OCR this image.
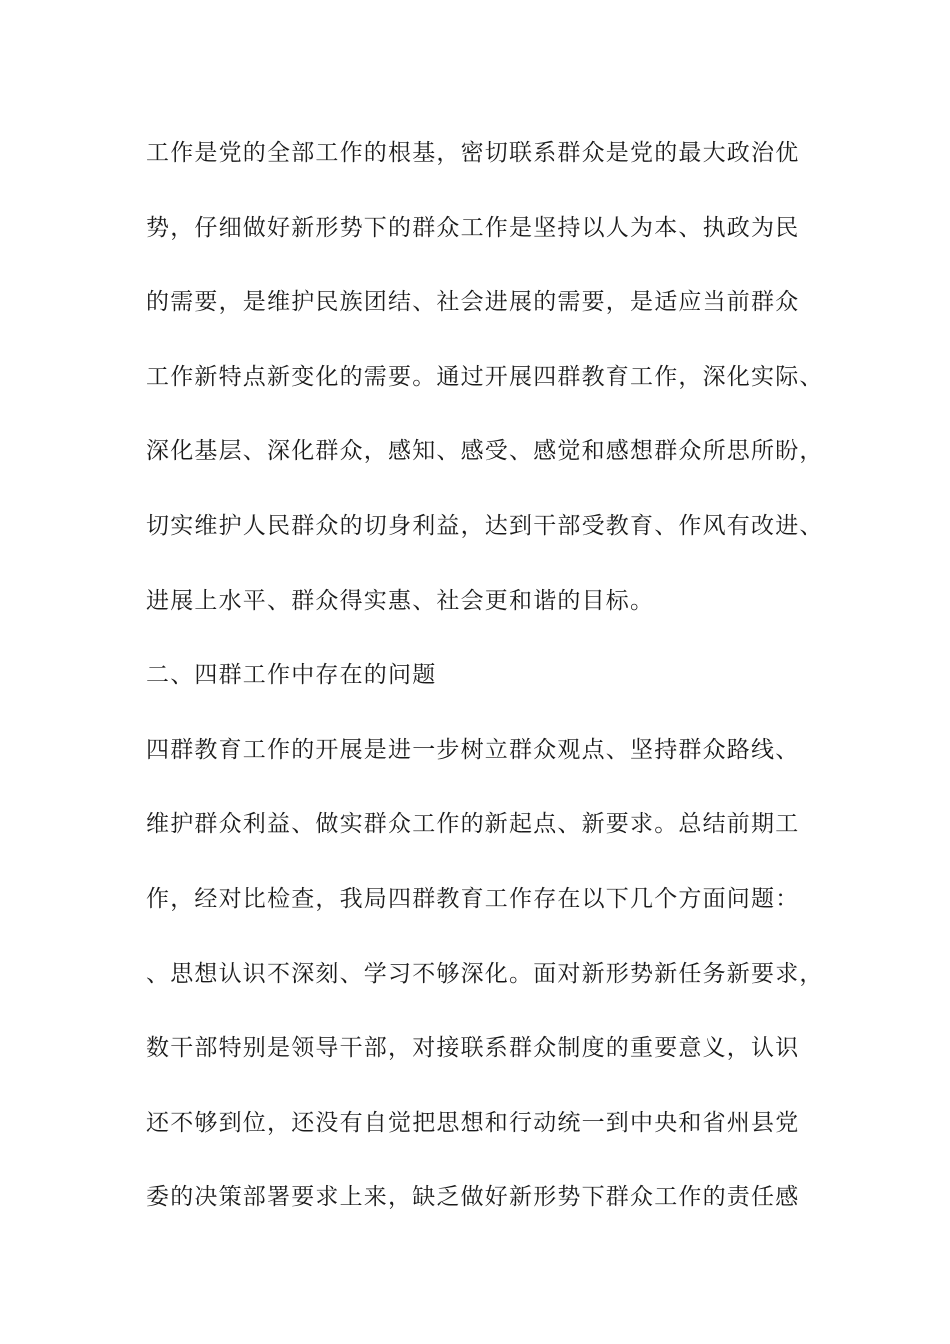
工作是党的全部工作的根基，密切联系群众是党的最大政治优
势，仔细做好新形势下的群众工作是坚持以人为本、执政为民
的需要，是维护民族团结、社会进展的需要，是适应当前群众
工作新特点新变化的需要。通过开展四群教育工作，深化实际、
深化基层、深化群众，感知、感受、感觉和感想群众所思所盼，
切实维护人民群众的切身利益，达到干部受教育、作风有改进、
进展上水平、群众得实惠、社会更和谐的目标。
二、四群工作中存在的问题
四群教育工作的开展是进一步树立群众观点、坚持群众路线、
维护群众利益、做实群众工作的新起点、新要求。总结前期工
作，经对比检查，我局四群教育工作存在以下几个方面问题：
、思想认识不深刻、学习不够深化。面对新形势新任务新要求，
数干部特别是领导干部，对接联系群众制度的重要意义，认识
还不够到位，还没有自觉把思想和行动统一到中央和省州县党
委的决策部署要求上来，缺乏做好新形势下群众工作的责任感
